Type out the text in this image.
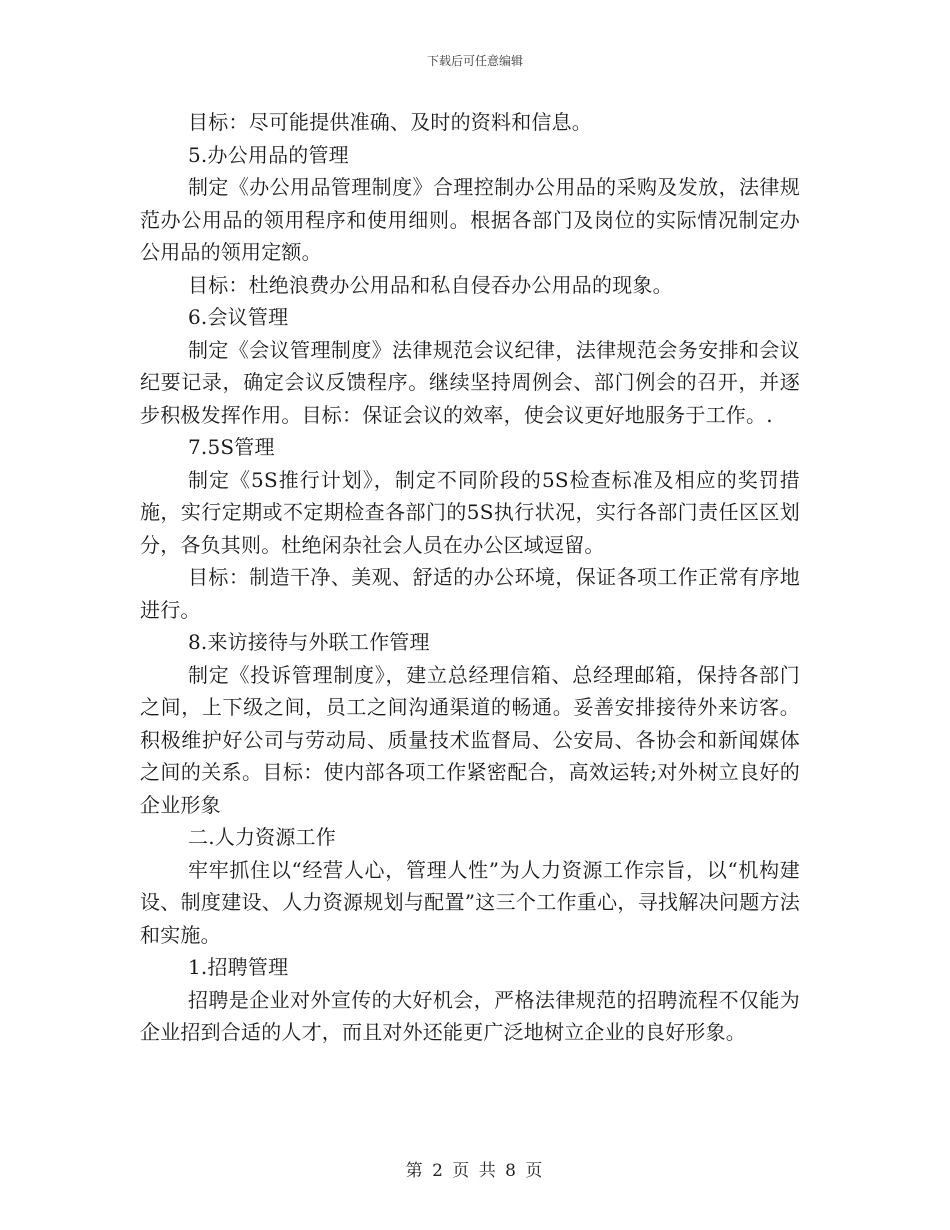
下载后可任意编辑

目标：尽可能提供准确、及时的资料和信息。

5.办公用品的管理

制定《办公用品管理制度》合理控制办公用品的采购及发放，法律规范办公用品的领用程序和使用细则。根据各部门及岗位的实际情况制定办公用品的领用定额。

目标：杜绝浪费办公用品和私自侵吞办公用品的现象。

6.会议管理

制定《会议管理制度》法律规范会议纪律，法律规范会务安排和会议纪要记录，确定会议反馈程序。继续坚持周例会、部门例会的召开，并逐步积极发挥作用。目标：保证会议的效率，使会议更好地服务于工作。.

7.5S管理

制定《5S推行计划》，制定不同阶段的5S检查标准及相应的奖罚措施，实行定期或不定期检查各部门的5S执行状况，实行各部门责任区区划分，各负其则。杜绝闲杂社会人员在办公区域逗留。

目标：制造干净、美观、舒适的办公环境，保证各项工作正常有序地进行。

8.来访接待与外联工作管理

制定《投诉管理制度》，建立总经理信箱、总经理邮箱，保持各部门之间，上下级之间，员工之间沟通渠道的畅通。妥善安排接待外来访客。积极维护好公司与劳动局、质量技术监督局、公安局、各协会和新闻媒体之间的关系。目标：使内部各项工作紧密配合，高效运转;对外树立良好的企业形象

二.人力资源工作

牢牢抓住以“经营人心，管理人性”为人力资源工作宗旨，以“机构建设、制度建设、人力资源规划与配置”这三个工作重心，寻找解决问题方法和实施。

1.招聘管理

招聘是企业对外宣传的大好机会，严格法律规范的招聘流程不仅能为企业招到合适的人才，而且对外还能更广泛地树立企业的良好形象。

第 2 页 共 8 页
